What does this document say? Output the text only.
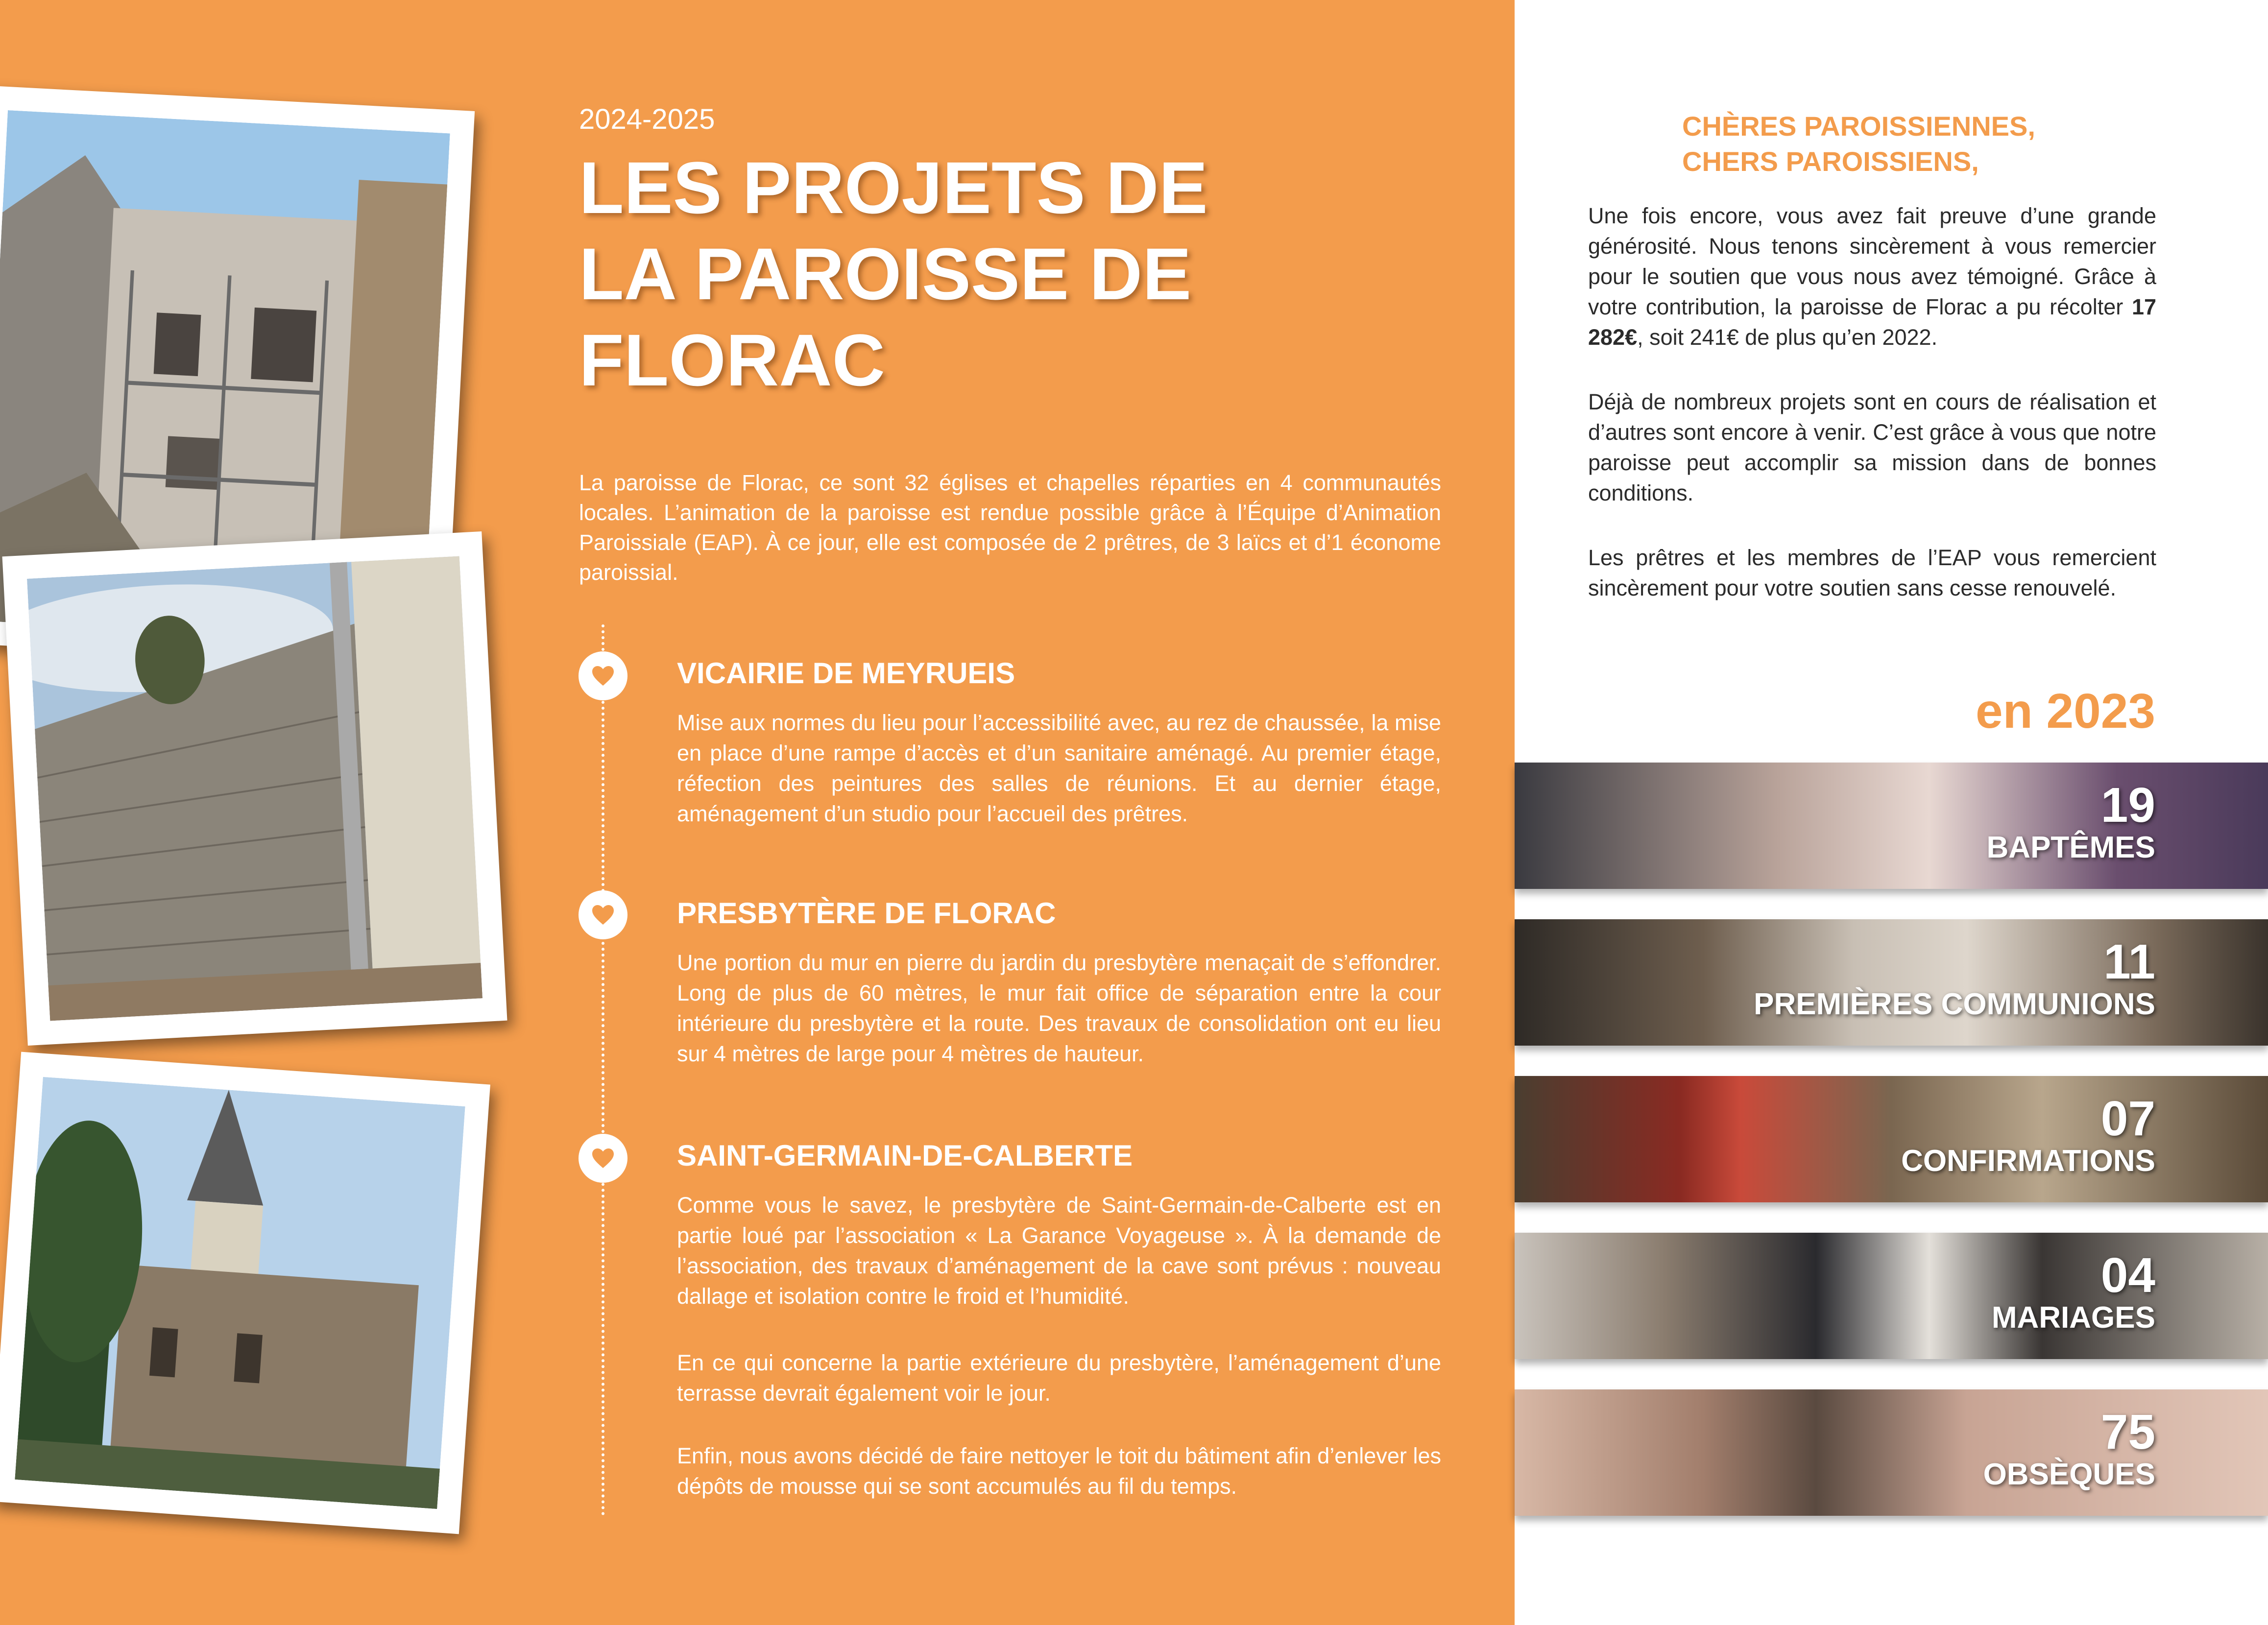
2024-2025
LES PROJETS DE
LA PAROISSE DE
FLORAC

La paroisse de Florac, ce sont 32 églises et chapelles réparties en 4 communautés locales. L’animation de la paroisse est rendue possible grâce à l’Équipe d’Animation Paroissiale (EAP). À ce jour, elle est composée de 2 prêtres, de 3 laïcs et d’1 économe paroissial.

VICAIRIE DE MEYRUEIS

Mise aux normes du lieu pour l’accessibilité avec, au rez de chaussée, la mise en place d’une rampe d’accès et d’un sanitaire aménagé. Au premier étage, réfection des peintures des salles de réunions. Et au dernier étage, aménagement d’un studio pour l’accueil des prêtres.

PRESBYTÈRE DE FLORAC

Une portion du mur en pierre du jardin du presbytère menaçait de s’effondrer. Long de plus de 60 mètres, le mur fait office de séparation entre la cour intérieure du presbytère et la route. Des travaux de consolidation ont eu lieu sur 4 mètres de large pour 4 mètres de hauteur.

SAINT-GERMAIN-DE-CALBERTE

Comme vous le savez, le presbytère de Saint-Germain-de-Calberte est en partie loué par l’association « La Garance Voyageuse ». À la demande de l’association, des travaux d’aménagement de la cave sont prévus : nouveau dallage et isolation contre le froid et l’humidité.

En ce qui concerne la partie extérieure du presbytère, l’aménagement d’une terrasse devrait également voir le jour.

Enfin, nous avons décidé de faire nettoyer le toit du bâtiment afin d’enlever les dépôts de mousse qui se sont accumulés au fil du temps.

CHÈRES PAROISSIENNES,
CHERS PAROISSIENS,

Une fois encore, vous avez fait preuve d’une grande générosité. Nous tenons sincèrement à vous remercier pour le soutien que vous nous avez témoigné. Grâce à votre contribution, la paroisse de Florac a pu récolter 17 282€, soit 241€ de plus qu’en 2022.

Déjà de nombreux projets sont en cours de réalisation et d’autres sont encore à venir. C’est grâce à vous que notre paroisse peut accomplir sa mission dans de bonnes conditions.

Les prêtres et les membres de l’EAP vous remercient sincèrement pour votre soutien sans cesse renouvelé.

en 2023
19
BAPTÊMES
11
PREMIÈRES COMMUNIONS
07
CONFIRMATIONS
04
MARIAGES
75
OBSÈQUES
